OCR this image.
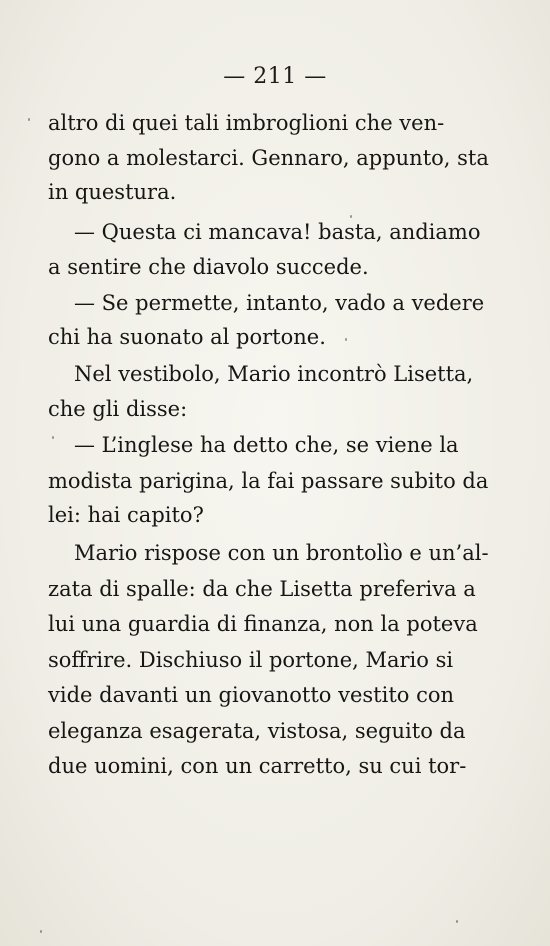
— 211 —
altro di quei tali imbroglioni che ven-
gono a molestarci. Gennaro, appunto, sta
in questura.
— Questa ci mancava! basta, andiamo
a sentire che diavolo succede.
— Se permette, intanto, vado a vedere
chi ha suonato al portone.
Nel vestibolo, Mario incontrò Lisetta,
che gli disse:
— L’inglese ha detto che, se viene la
modista parigina, la fai passare subito da
lei: hai capito?
Mario rispose con un brontolìo e un’al-
zata di spalle: da che Lisetta preferiva a
lui una guardia di finanza, non la poteva
soffrire. Dischiuso il portone, Mario si
vide davanti un giovanotto vestito con
eleganza esagerata, vistosa, seguito da
due uomini, con un carretto, su cui tor-
